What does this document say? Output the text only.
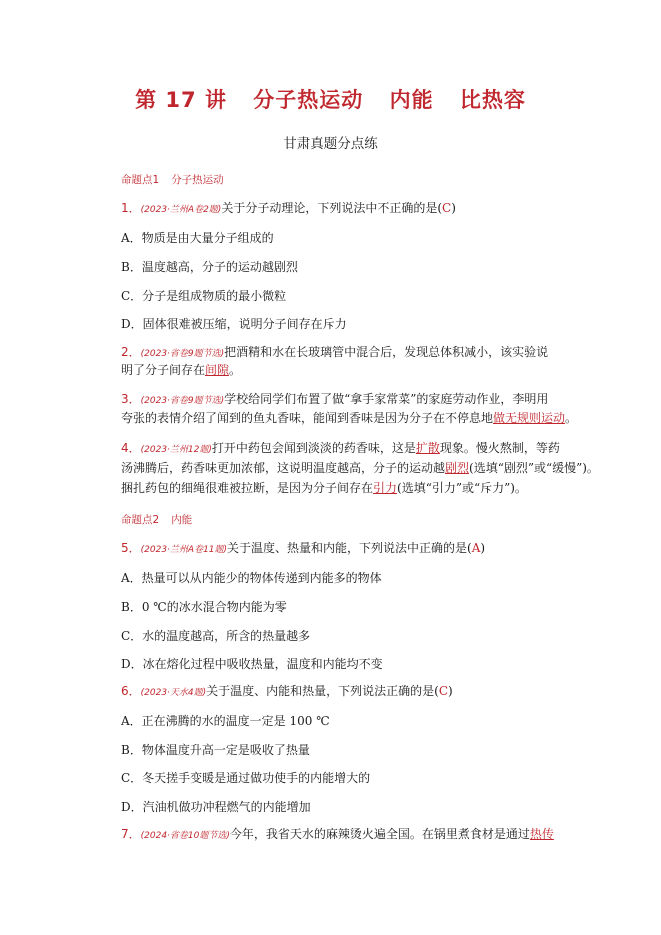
第 17 讲 分子热运动 内能 比热容
甘肃真题分点练
命题点1 分子热运动
1．(2023·兰州A卷2题)关于分子动理论，下列说法中不正确的是(C)
A．物质是由大量分子组成的
B．温度越高，分子的运动越剧烈
C．分子是组成物质的最小微粒
D．固体很难被压缩，说明分子间存在斥力
2．(2023·省卷9题节选)把酒精和水在长玻璃管中混合后，发现总体积减小，该实验说
明了分子间存在间隙。
3．(2023·省卷9题节选)学校给同学们布置了做“拿手家常菜”的家庭劳动作业，李明用
夸张的表情介绍了闻到的鱼丸香味，能闻到香味是因为分子在不停息地做无规则运动。
4．(2023·兰州12题)打开中药包会闻到淡淡的药香味，这是扩散现象。慢火熬制，等药
汤沸腾后，药香味更加浓郁，这说明温度越高，分子的运动越剧烈(选填“剧烈”或“缓慢”)。
捆扎药包的细绳很难被拉断，是因为分子间存在引力(选填“引力”或“斥力”)。
命题点2 内能
5．(2023·兰州A卷11题)关于温度、热量和内能，下列说法中正确的是(A)
A．热量可以从内能少的物体传递到内能多的物体
B．0 ℃的冰水混合物内能为零
C．水的温度越高，所含的热量越多
D．冰在熔化过程中吸收热量，温度和内能均不变
6．(2023·天水4题)关于温度、内能和热量，下列说法正确的是(C)
A．正在沸腾的水的温度一定是 100 ℃
B．物体温度升高一定是吸收了热量
C．冬天搓手变暖是通过做功使手的内能增大的
D．汽油机做功冲程燃气的内能增加
7．(2024·省卷10题节选)今年，我省天水的麻辣烫火遍全国。在锅里煮食材是通过热传
